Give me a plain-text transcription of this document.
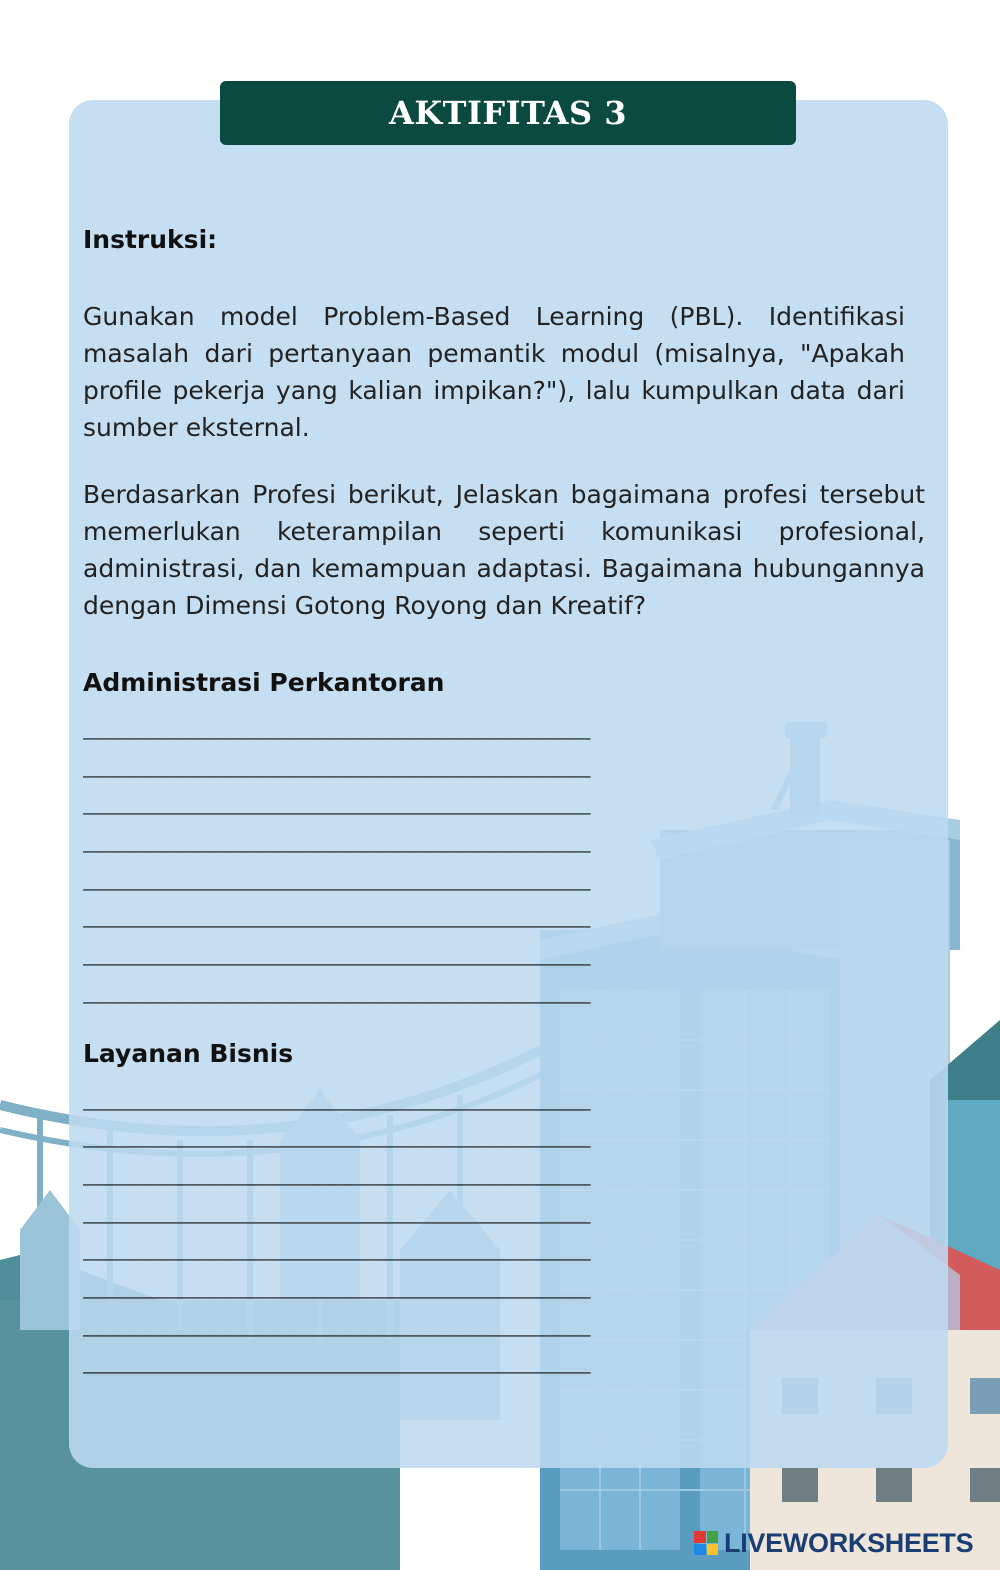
AKTIFITAS 3

Instruksi:

Gunakan model Problem-Based Learning (PBL). Identifikasi masalah dari pertanyaan pemantik modul (misalnya, "Apakah profile pekerja yang kalian impikan?"), lalu kumpulkan data dari sumber eksternal.

Berdasarkan Profesi berikut, Jelaskan bagaimana profesi tersebut memerlukan keterampilan seperti komunikasi profesional, administrasi, dan kemampuan adaptasi. Bagaimana hubungannya dengan Dimensi Gotong Royong dan Kreatif?

Administrasi Perkantoran

_______________________________
_______________________________
_______________________________
_______________________________
_______________________________
_______________________________
_______________________________
_______________________________

Layanan Bisnis

_______________________________
_______________________________
_______________________________
_______________________________
_______________________________
_______________________________
_______________________________
_______________________________
LIVEWORKSHEETS
